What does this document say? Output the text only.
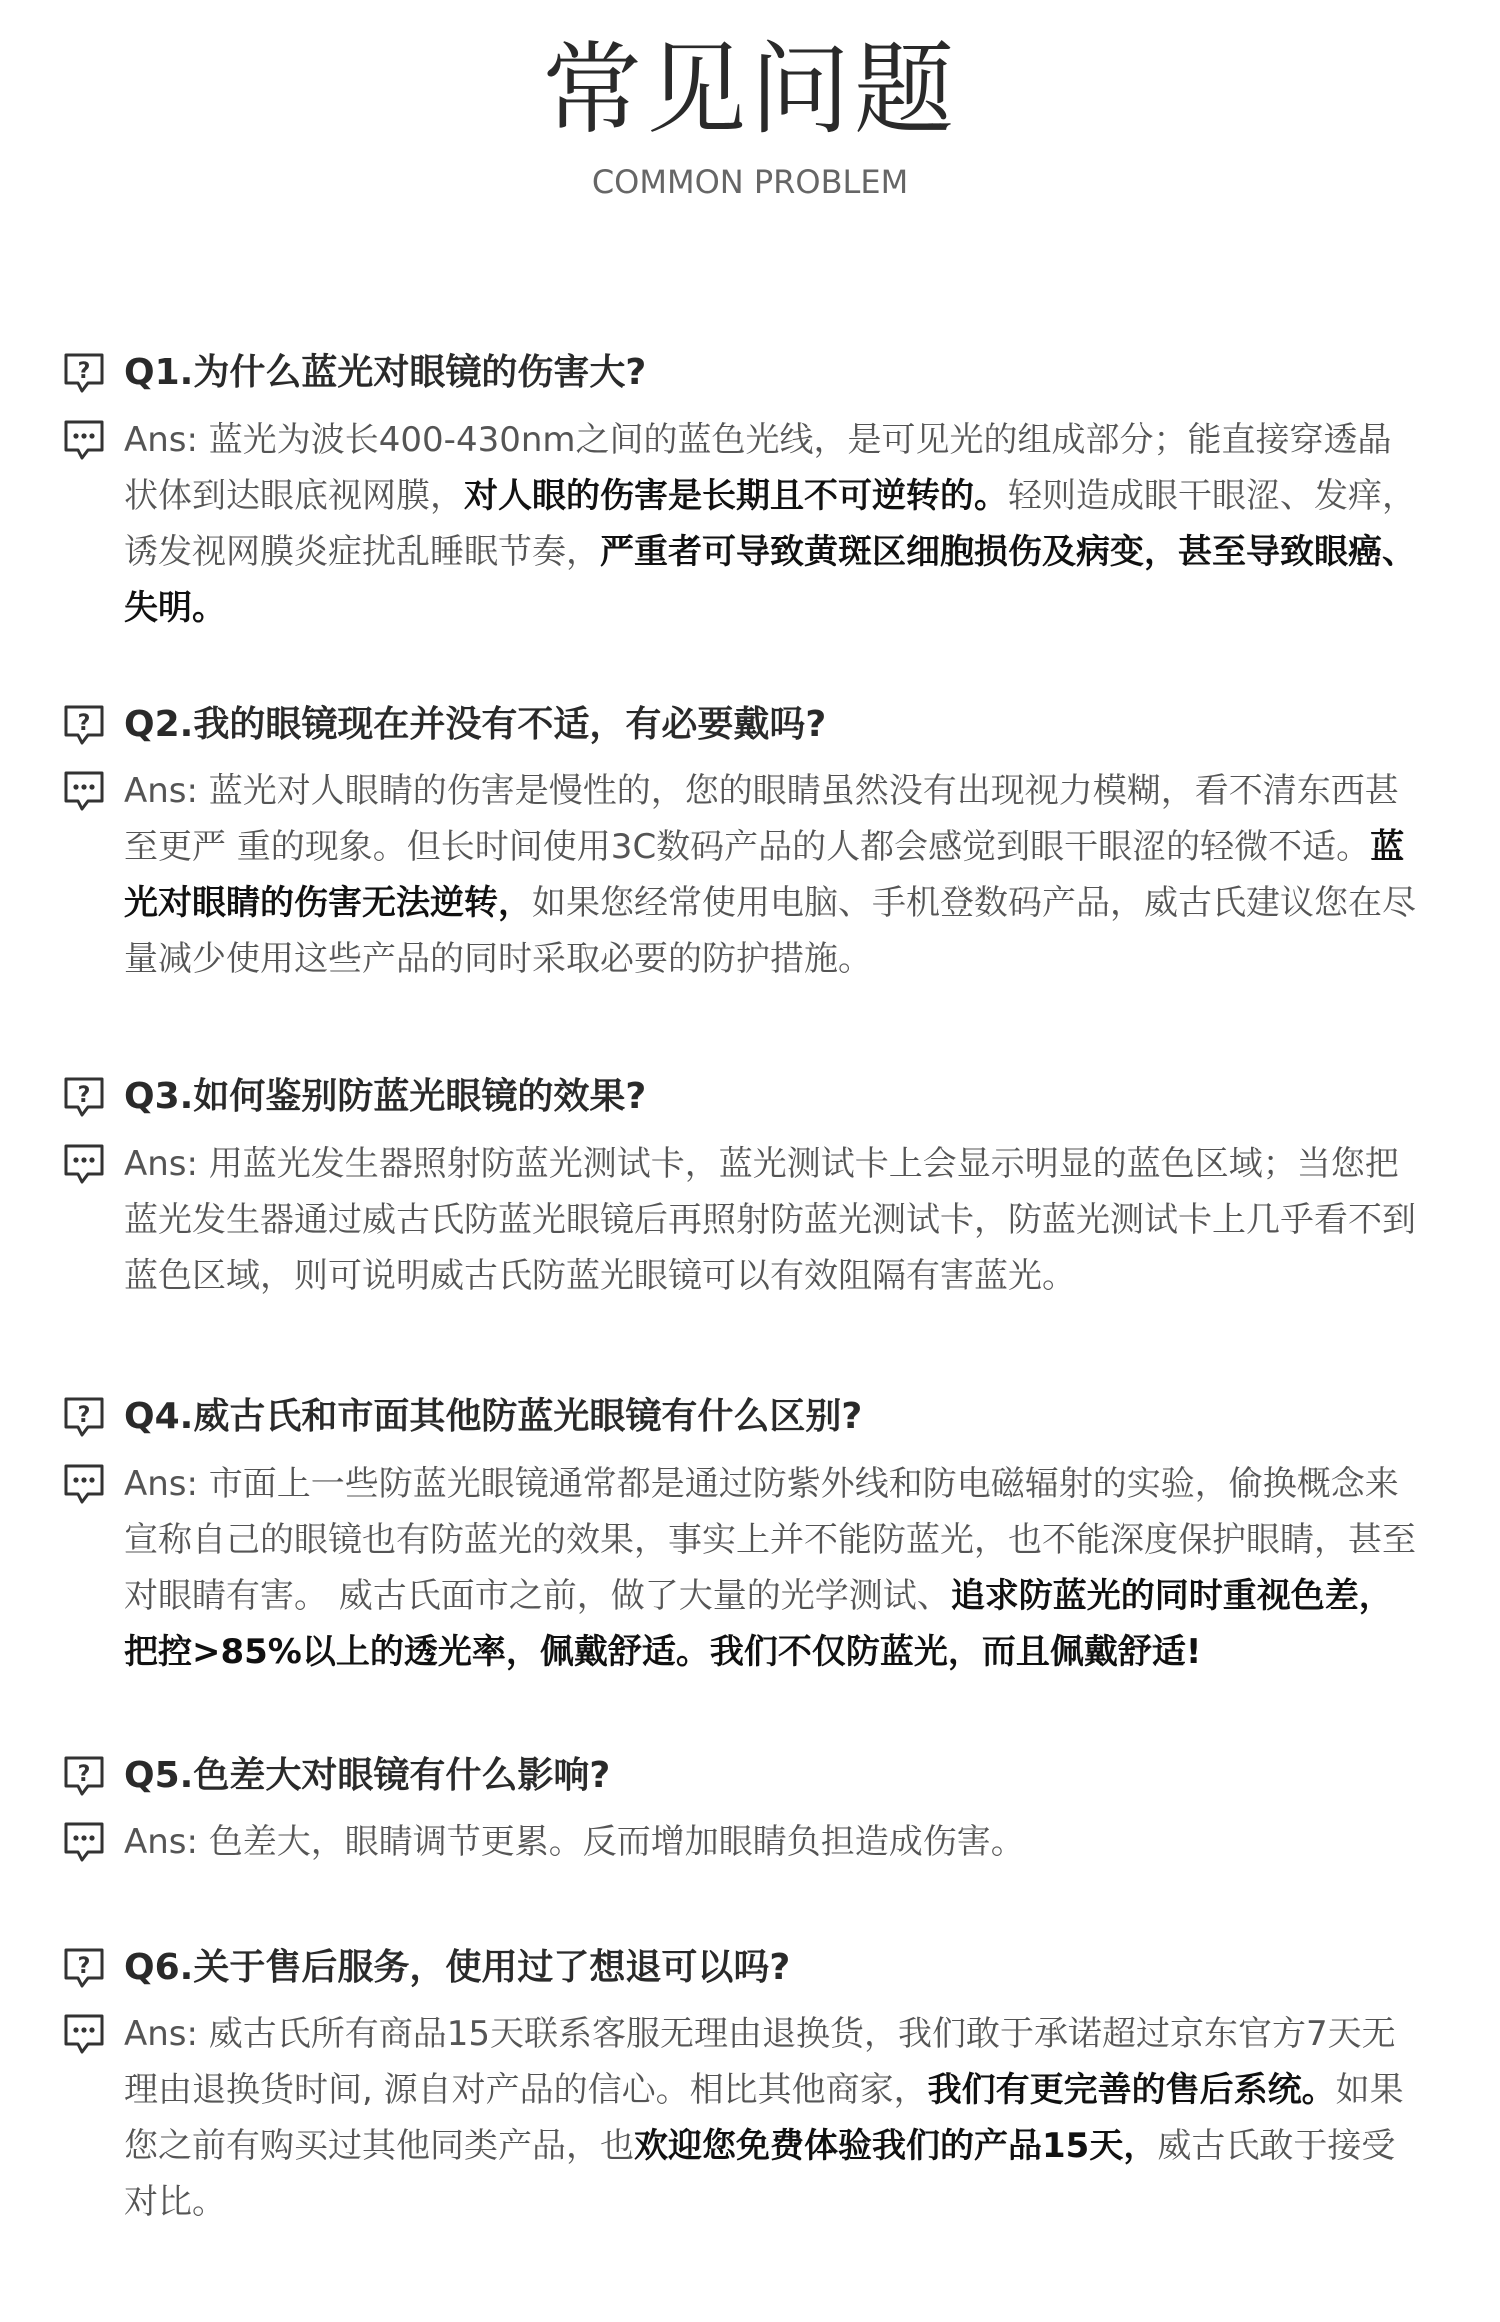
常见问题
COMMON PROBLEM
? Q1.为什么蓝光对眼镜的伤害大?
Ans: 蓝光为波长400-430nm之间的蓝色光线，是可见光的组成部分；能直接穿透晶状体到达眼底视网膜，对人眼的伤害是长期且不可逆转的。轻则造成眼干眼涩、发痒， 诱发视网膜炎症扰乱睡眠节奏，严重者可导致黄斑区细胞损伤及病变，甚至导致眼癌、失明。
? Q2.我的眼镜现在并没有不适，有必要戴吗?
Ans: 蓝光对人眼睛的伤害是慢性的，您的眼睛虽然没有出现视力模糊，看不清东西甚至更严 重的现象。但长时间使用3C数码产品的人都会感觉到眼干眼涩的轻微不适。蓝光对眼睛的伤害无法逆转，如果您经常使用电脑、手机登数码产品，威古氏建议您在尽量减少使用这些产品的同时采取必要的防护措施。
? Q3.如何鉴别防蓝光眼镜的效果?
Ans: 用蓝光发生器照射防蓝光测试卡，蓝光测试卡上会显示明显的蓝色区域；当您把蓝光发生器通过威古氏防蓝光眼镜后再照射防蓝光测试卡，防蓝光测试卡上几乎看不到蓝色区域，则可说明威古氏防蓝光眼镜可以有效阻隔有害蓝光。
? Q4.威古氏和市面其他防蓝光眼镜有什么区别?
Ans: 市面上一些防蓝光眼镜通常都是通过防紫外线和防电磁辐射的实验，偷换概念来宣称自己的眼镜也有防蓝光的效果，事实上并不能防蓝光，也不能深度保护眼睛，甚至对眼睛有害。 威古氏面市之前，做了大量的光学测试、追求防蓝光的同时重视色差，把控>85%以上的透光率，佩戴舒适。我们不仅防蓝光，而且佩戴舒适!
? Q5.色差大对眼镜有什么影响?
Ans: 色差大，眼睛调节更累。反而增加眼睛负担造成伤害。
? Q6.关于售后服务，使用过了想退可以吗?
Ans: 威古氏所有商品15天联系客服无理由退换货，我们敢于承诺超过京东官方7天无理由退换货时间, 源自对产品的信心。相比其他商家，我们有更完善的售后系统。如果您之前有购买过其他同类产品，也欢迎您免费体验我们的产品15天，威古氏敢于接受对比。
